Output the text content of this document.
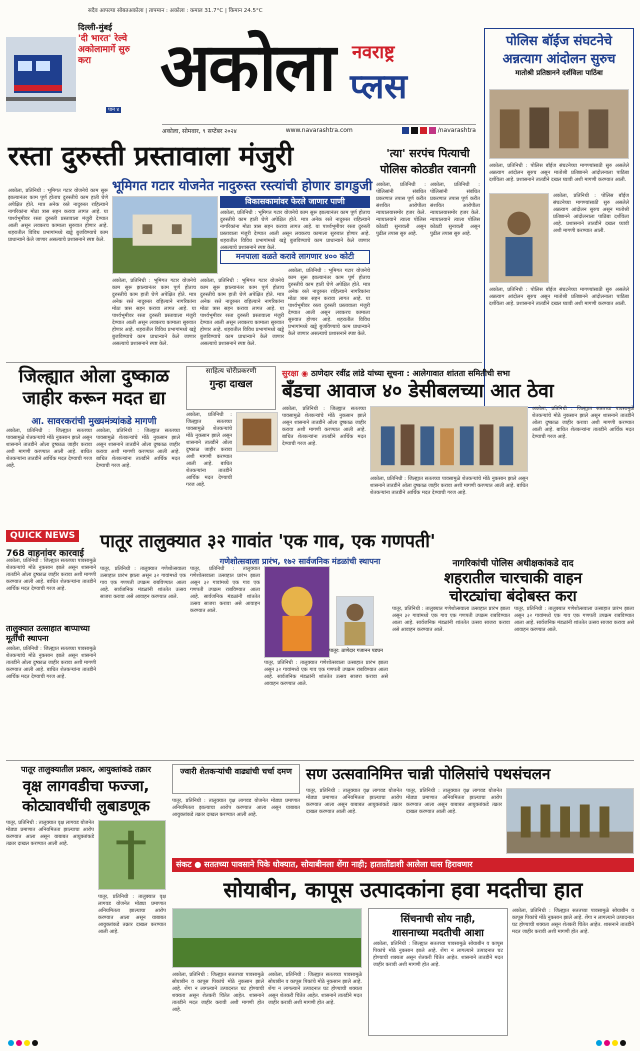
सदैव आपल्या सोबतअकोला | तापमान : अकोला : कमाल 31.7°C | किमान 24.5°C
दिल्ली-मुंबई
'दी भारत' रेल्वे अकोलामार्गे सुरु करा
पान ४
अकोला नवराष्ट्र
प्लस
अकोला, सोमवार, ९ सप्टेंबर २०२४	www.navarashtra.com	/navarashtra
पोलिस बॉईज संघटनेचे
अन्नत्याग आंदोलन सुरुच
मातोश्री प्रतिष्ठानने दर्शविला पाठिंबा
अकोला, प्रतिनिधी : पोलिस बॉईज संघटनेच्या मागण्यांसाठी सुरु असलेले अन्नत्याग आंदोलन सुरुच असून मातोश्री प्रतिष्ठानने आंदोलनाला पाठिंबा दर्शविला आहे. प्रशासनाने तातडीने दखल घ्यावी अशी मागणी करण्यात आली.
अकोला, प्रतिनिधी : पोलिस बॉईज संघटनेच्या मागण्यांसाठी सुरु असलेले अन्नत्याग आंदोलन सुरुच असून मातोश्री प्रतिष्ठानने आंदोलनाला पाठिंबा दर्शविला आहे. प्रशासनाने तातडीने दखल घ्यावी अशी मागणी करण्यात आली.
अकोला, प्रतिनिधी : पोलिस बॉईज संघटनेच्या मागण्यांसाठी सुरु असलेले अन्नत्याग आंदोलन सुरुच असून मातोश्री प्रतिष्ठानने आंदोलनाला पाठिंबा दर्शविला आहे. प्रशासनाने तातडीने दखल घ्यावी अशी मागणी करण्यात आली.
रस्ता दुरुस्ती प्रस्तावाला मंजुरी
भूमिगत गटार योजनेत नादुरुस्त रस्त्यांची होणार डागडुजी
अकोला, प्रतिनिधी : भूमिगत गटार योजनेचे काम सुरू झाल्यानंतर काम पूर्ण होताच दुरुस्तीचे काम हाती घेणे अपेक्षित होते. मात्र अनेक रस्ते नादुरुस्त राहिल्याने नागरिकांना मोठा त्रास सहन करावा लागत आहे. या पार्श्वभूमीवर रस्ता दुरुस्ती प्रस्तावाला मंजुरी देण्यात आली असून लवकरच कामाला सुरुवात होणार आहे. शहरातील विविध प्रभागांमध्ये खड्डे बुजविण्याचे काम प्राधान्याने केले जाणार असल्याचे प्रशासनाने स्पष्ट केले.
विकासकामांवर फेरले जाणार पाणी
अकोला, प्रतिनिधी : भूमिगत गटार योजनेचे काम सुरू झाल्यानंतर काम पूर्ण होताच दुरुस्तीचे काम हाती घेणे अपेक्षित होते. मात्र अनेक रस्ते नादुरुस्त राहिल्याने नागरिकांना मोठा त्रास सहन करावा लागत आहे. या पार्श्वभूमीवर रस्ता दुरुस्ती प्रस्तावाला मंजुरी देण्यात आली असून लवकरच कामाला सुरुवात होणार आहे. शहरातील विविध प्रभागांमध्ये खड्डे बुजविण्याचे काम प्राधान्याने केले जाणार असल्याचे प्रशासनाने स्पष्ट केले.
मनपाला वळते करावे लागणार ४०० कोटी
अकोला, प्रतिनिधी : भूमिगत गटार योजनेचे काम सुरू झाल्यानंतर काम पूर्ण होताच दुरुस्तीचे काम हाती घेणे अपेक्षित होते. मात्र अनेक रस्ते नादुरुस्त राहिल्याने नागरिकांना मोठा त्रास सहन करावा लागत आहे. या पार्श्वभूमीवर रस्ता दुरुस्ती प्रस्तावाला मंजुरी देण्यात आली असून लवकरच कामाला सुरुवात होणार आहे. शहरातील विविध प्रभागांमध्ये खड्डे बुजविण्याचे काम प्राधान्याने केले जाणार असल्याचे प्रशासनाने स्पष्ट केले.
अकोला, प्रतिनिधी : भूमिगत गटार योजनेचे काम सुरू झाल्यानंतर काम पूर्ण होताच दुरुस्तीचे काम हाती घेणे अपेक्षित होते. मात्र अनेक रस्ते नादुरुस्त राहिल्याने नागरिकांना मोठा त्रास सहन करावा लागत आहे. या पार्श्वभूमीवर रस्ता दुरुस्ती प्रस्तावाला मंजुरी देण्यात आली असून लवकरच कामाला सुरुवात होणार आहे. शहरातील विविध प्रभागांमध्ये खड्डे बुजविण्याचे काम प्राधान्याने केले जाणार असल्याचे प्रशासनाने स्पष्ट केले.
अकोला, प्रतिनिधी : भूमिगत गटार योजनेचे काम सुरू झाल्यानंतर काम पूर्ण होताच दुरुस्तीचे काम हाती घेणे अपेक्षित होते. मात्र अनेक रस्ते नादुरुस्त राहिल्याने नागरिकांना मोठा त्रास सहन करावा लागत आहे. या पार्श्वभूमीवर रस्ता दुरुस्ती प्रस्तावाला मंजुरी देण्यात आली असून लवकरच कामाला सुरुवात होणार आहे. शहरातील विविध प्रभागांमध्ये खड्डे बुजविण्याचे काम प्राधान्याने केले जाणार असल्याचे प्रशासनाने स्पष्ट केले.
'त्या' सरपंच पित्याची पोलिस कोठडीत रवानगी
अकोला, प्रतिनिधी : पोलिसांनी संबंधित प्रकरणात तपास पूर्ण करीत संशयित आरोपीला न्यायालयासमोर हजर केले. न्यायालयाने त्याला पोलिस कोठडी सुनावली असून पुढील तपास सुरु आहे.
अकोला, प्रतिनिधी : पोलिसांनी संबंधित प्रकरणात तपास पूर्ण करीत संशयित आरोपीला न्यायालयासमोर हजर केले. न्यायालयाने त्याला पोलिस कोठडी सुनावली असून पुढील तपास सुरु आहे.
जिल्ह्यात ओला दुष्काळ
जाहीर करून मदत द्या
आ. सावरकरांची मुख्यमंत्र्यांकडे मागणी
अकोला, प्रतिनिधी : जिल्ह्यात सततच्या पावसामुळे शेतकऱ्यांचे मोठे नुकसान झाले असून शासनाने तातडीने ओला दुष्काळ जाहीर करावा अशी मागणी करण्यात आली आहे. बाधित शेतकऱ्यांना तातडीने आर्थिक मदत देण्याची गरज आहे.
अकोला, प्रतिनिधी : जिल्ह्यात सततच्या पावसामुळे शेतकऱ्यांचे मोठे नुकसान झाले असून शासनाने तातडीने ओला दुष्काळ जाहीर करावा अशी मागणी करण्यात आली आहे. बाधित शेतकऱ्यांना तातडीने आर्थिक मदत देण्याची गरज आहे.
साहित्य चोरीप्रकरणी
गुन्हा दाखल
अकोला, प्रतिनिधी : जिल्ह्यात सततच्या पावसामुळे शेतकऱ्यांचे मोठे नुकसान झाले असून शासनाने तातडीने ओला दुष्काळ जाहीर करावा अशी मागणी करण्यात आली आहे. बाधित शेतकऱ्यांना तातडीने आर्थिक मदत देण्याची गरज आहे.
सुरक्षा ◉ ठाणेदार रवींद्र लांडे यांच्या सूचना : आलेगावात शांतता समितीची सभा
बँडचा आवाज ४० डेसीबलच्या आत ठेवा
अकोला, प्रतिनिधी : जिल्ह्यात सततच्या पावसामुळे शेतकऱ्यांचे मोठे नुकसान झाले असून शासनाने तातडीने ओला दुष्काळ जाहीर करावा अशी मागणी करण्यात आली आहे. बाधित शेतकऱ्यांना तातडीने आर्थिक मदत देण्याची गरज आहे.
अकोला, प्रतिनिधी : जिल्ह्यात सततच्या पावसामुळे शेतकऱ्यांचे मोठे नुकसान झाले असून शासनाने तातडीने ओला दुष्काळ जाहीर करावा अशी मागणी करण्यात आली आहे. बाधित शेतकऱ्यांना तातडीने आर्थिक मदत देण्याची गरज आहे.
अकोला, प्रतिनिधी : जिल्ह्यात सततच्या पावसामुळे शेतकऱ्यांचे मोठे नुकसान झाले असून शासनाने तातडीने ओला दुष्काळ जाहीर करावा अशी मागणी करण्यात आली आहे. बाधित शेतकऱ्यांना तातडीने आर्थिक मदत देण्याची गरज आहे.
QUICK NEWS
768 वाहनांवर कारवाई
अकोला, प्रतिनिधी : जिल्ह्यात सततच्या पावसामुळे शेतकऱ्यांचे मोठे नुकसान झाले असून शासनाने तातडीने ओला दुष्काळ जाहीर करावा अशी मागणी करण्यात आली आहे. बाधित शेतकऱ्यांना तातडीने आर्थिक मदत देण्याची गरज आहे.
तालुक्यात उत्साहात बाप्पाच्या मूर्तींची स्थापना
अकोला, प्रतिनिधी : जिल्ह्यात सततच्या पावसामुळे शेतकऱ्यांचे मोठे नुकसान झाले असून शासनाने तातडीने ओला दुष्काळ जाहीर करावा अशी मागणी करण्यात आली आहे. बाधित शेतकऱ्यांना तातडीने आर्थिक मदत देण्याची गरज आहे.
पातूर तालुक्यात ३२ गावांत 'एक गाव, एक गणपती'
गणेशोत्सवाला प्रारंभ, १७२ सार्वजनिक मंडळांची स्थापना
पातूर, प्रतिनिधी : तालुक्यात गणेशोत्सवाला उत्साहात प्रारंभ झाला असून ३२ गावांमध्ये एक गाव एक गणपती उपक्रम राबविण्यात आला आहे. सार्वजनिक मंडळांनी शांततेत उत्सव साजरा करावा असे आवाहन करण्यात आले.
पातूर, प्रतिनिधी : तालुक्यात गणेशोत्सवाला उत्साहात प्रारंभ झाला असून ३२ गावांमध्ये एक गाव एक गणपती उपक्रम राबविण्यात आला आहे. सार्वजनिक मंडळांनी शांततेत उत्सव साजरा करावा असे आवाहन करण्यात आले.
पातूर: ठाणेदार गजानन पडघन
पातूर, प्रतिनिधी : तालुक्यात गणेशोत्सवाला उत्साहात प्रारंभ झाला असून ३२ गावांमध्ये एक गाव एक गणपती उपक्रम राबविण्यात आला आहे. सार्वजनिक मंडळांनी शांततेत उत्सव साजरा करावा असे आवाहन करण्यात आले.
नागरिकांची पोलिस अधीक्षकांकडे दाद
शहरातील चारचाकी वाहन
चोरट्यांचा बंदोबस्त करा
पातूर, प्रतिनिधी : तालुक्यात गणेशोत्सवाला उत्साहात प्रारंभ झाला असून ३२ गावांमध्ये एक गाव एक गणपती उपक्रम राबविण्यात आला आहे. सार्वजनिक मंडळांनी शांततेत उत्सव साजरा करावा असे आवाहन करण्यात आले.
पातूर, प्रतिनिधी : तालुक्यात गणेशोत्सवाला उत्साहात प्रारंभ झाला असून ३२ गावांमध्ये एक गाव एक गणपती उपक्रम राबविण्यात आला आहे. सार्वजनिक मंडळांनी शांततेत उत्सव साजरा करावा असे आवाहन करण्यात आले.
पातूर तालुक्यातील प्रकार, आयुक्तांकडे तक्रार
वृक्ष लागवडीचा फज्जा,
कोट्यावधींची लुबाडणूक
पातूर, प्रतिनिधी : तालुक्यात वृक्ष लागवड योजनेत मोठ्या प्रमाणात अनियमितता झाल्याचा आरोप करण्यात आला असून याबाबत आयुक्तांकडे तक्रार दाखल करण्यात आली आहे.
पातूर, प्रतिनिधी : तालुक्यात वृक्ष लागवड योजनेत मोठ्या प्रमाणात अनियमितता झाल्याचा आरोप करण्यात आला असून याबाबत आयुक्तांकडे तक्रार दाखल करण्यात आली आहे.
ज्वारी शेतकऱ्यांची वाढ्यांची चर्चा दमण
पातूर, प्रतिनिधी : तालुक्यात वृक्ष लागवड योजनेत मोठ्या प्रमाणात अनियमितता झाल्याचा आरोप करण्यात आला असून याबाबत आयुक्तांकडे तक्रार दाखल करण्यात आली आहे.
सण उत्सवानिमित्त चान्नी पोलिसांचे पथसंचलन
पातूर, प्रतिनिधी : तालुक्यात वृक्ष लागवड योजनेत मोठ्या प्रमाणात अनियमितता झाल्याचा आरोप करण्यात आला असून याबाबत आयुक्तांकडे तक्रार दाखल करण्यात आली आहे.
पातूर, प्रतिनिधी : तालुक्यात वृक्ष लागवड योजनेत मोठ्या प्रमाणात अनियमितता झाल्याचा आरोप करण्यात आला असून याबाबत आयुक्तांकडे तक्रार दाखल करण्यात आली आहे.
संकट ● सततच्या पावसाने पिके धोक्यात, सोयाबीनला शेंगा नाही; हातातोंडाशी आलेला घास हिरावणार
सोयाबीन, कापूस उत्पादकांना हवा मदतीचा हात
अकोला, प्रतिनिधी : जिल्ह्यात सततच्या पावसामुळे सोयाबीन व कापूस पिकांचे मोठे नुकसान झाले आहे. शेंगा न लागल्याने उत्पादनात घट होण्याची शक्यता असून शेतकरी चिंतेत आहेत. शासनाने तातडीने मदत जाहीर करावी अशी मागणी होत आहे.
अकोला, प्रतिनिधी : जिल्ह्यात सततच्या पावसामुळे सोयाबीन व कापूस पिकांचे मोठे नुकसान झाले आहे. शेंगा न लागल्याने उत्पादनात घट होण्याची शक्यता असून शेतकरी चिंतेत आहेत. शासनाने तातडीने मदत जाहीर करावी अशी मागणी होत आहे.
सिंचनाची सोय नाही,
शासनाच्या मदतीची आशा
अकोला, प्रतिनिधी : जिल्ह्यात सततच्या पावसामुळे सोयाबीन व कापूस पिकांचे मोठे नुकसान झाले आहे. शेंगा न लागल्याने उत्पादनात घट होण्याची शक्यता असून शेतकरी चिंतेत आहेत. शासनाने तातडीने मदत जाहीर करावी अशी मागणी होत आहे.
अकोला, प्रतिनिधी : जिल्ह्यात सततच्या पावसामुळे सोयाबीन व कापूस पिकांचे मोठे नुकसान झाले आहे. शेंगा न लागल्याने उत्पादनात घट होण्याची शक्यता असून शेतकरी चिंतेत आहेत. शासनाने तातडीने मदत जाहीर करावी अशी मागणी होत आहे.
